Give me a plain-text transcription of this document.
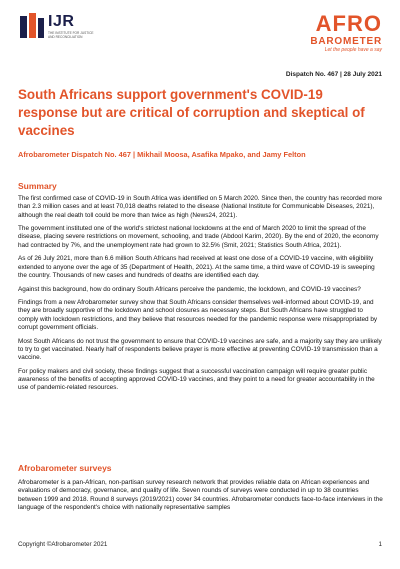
IJR
THE INSTITUTE FOR JUSTICE AND RECONCILIATION
AFRO
BAROMETER
Let the people have a say
Dispatch No. 467 | 28 July 2021
South Africans support government's COVID-19 response but are critical of corruption and skeptical of vaccines
Afrobarometer Dispatch No. 467 | Mikhail Moosa, Asafika Mpako, and Jamy Felton
Summary

The first confirmed case of COVID-19 in South Africa was identified on 5 March 2020. Since then, the country has recorded more than 2.3 million cases and at least 70,018 deaths related to the disease (National Institute for Communicable Diseases, 2021), although the real death toll could be more than twice as high (News24, 2021).

The government instituted one of the world's strictest national lockdowns at the end of March 2020 to limit the spread of the disease, placing severe restrictions on movement, schooling, and trade (Abdool Karim, 2020). By the end of 2020, the economy had contracted by 7%, and the unemployment rate had grown to 32.5% (Smit, 2021; Statistics South Africa, 2021).

As of 26 July 2021, more than 6.6 million South Africans had received at least one dose of a COVID-19 vaccine, with eligibility extended to anyone over the age of 35 (Department of Health, 2021). At the same time, a third wave of COVID-19 is sweeping the country. Thousands of new cases and hundreds of deaths are identified each day.

Against this background, how do ordinary South Africans perceive the pandemic, the lockdown, and COVID-19 vaccines?

Findings from a new Afrobarometer survey show that South Africans consider themselves well-informed about COVID-19, and they are broadly supportive of the lockdown and school closures as necessary steps. But South Africans have struggled to comply with lockdown restrictions, and they believe that resources needed for the pandemic response were misappropriated by corrupt government officials.

Most South Africans do not trust the government to ensure that COVID-19 vaccines are safe, and a majority say they are unlikely to try to get vaccinated. Nearly half of respondents believe prayer is more effective at preventing COVID-19 transmission than a vaccine.

For policy makers and civil society, these findings suggest that a successful vaccination campaign will require greater public awareness of the benefits of accepting approved COVID-19 vaccines, and they point to a need for greater accountability in the use of pandemic-related resources.

Afrobarometer surveys

Afrobarometer is a pan-African, non-partisan survey research network that provides reliable data on African experiences and evaluations of democracy, governance, and quality of life. Seven rounds of surveys were conducted in up to 38 countries between 1999 and 2018. Round 8 surveys (2019/2021) cover 34 countries. Afrobarometer conducts face-to-face interviews in the language of the respondent's choice with nationally representative samples

Copyright ©Afrobarometer 2021	1
